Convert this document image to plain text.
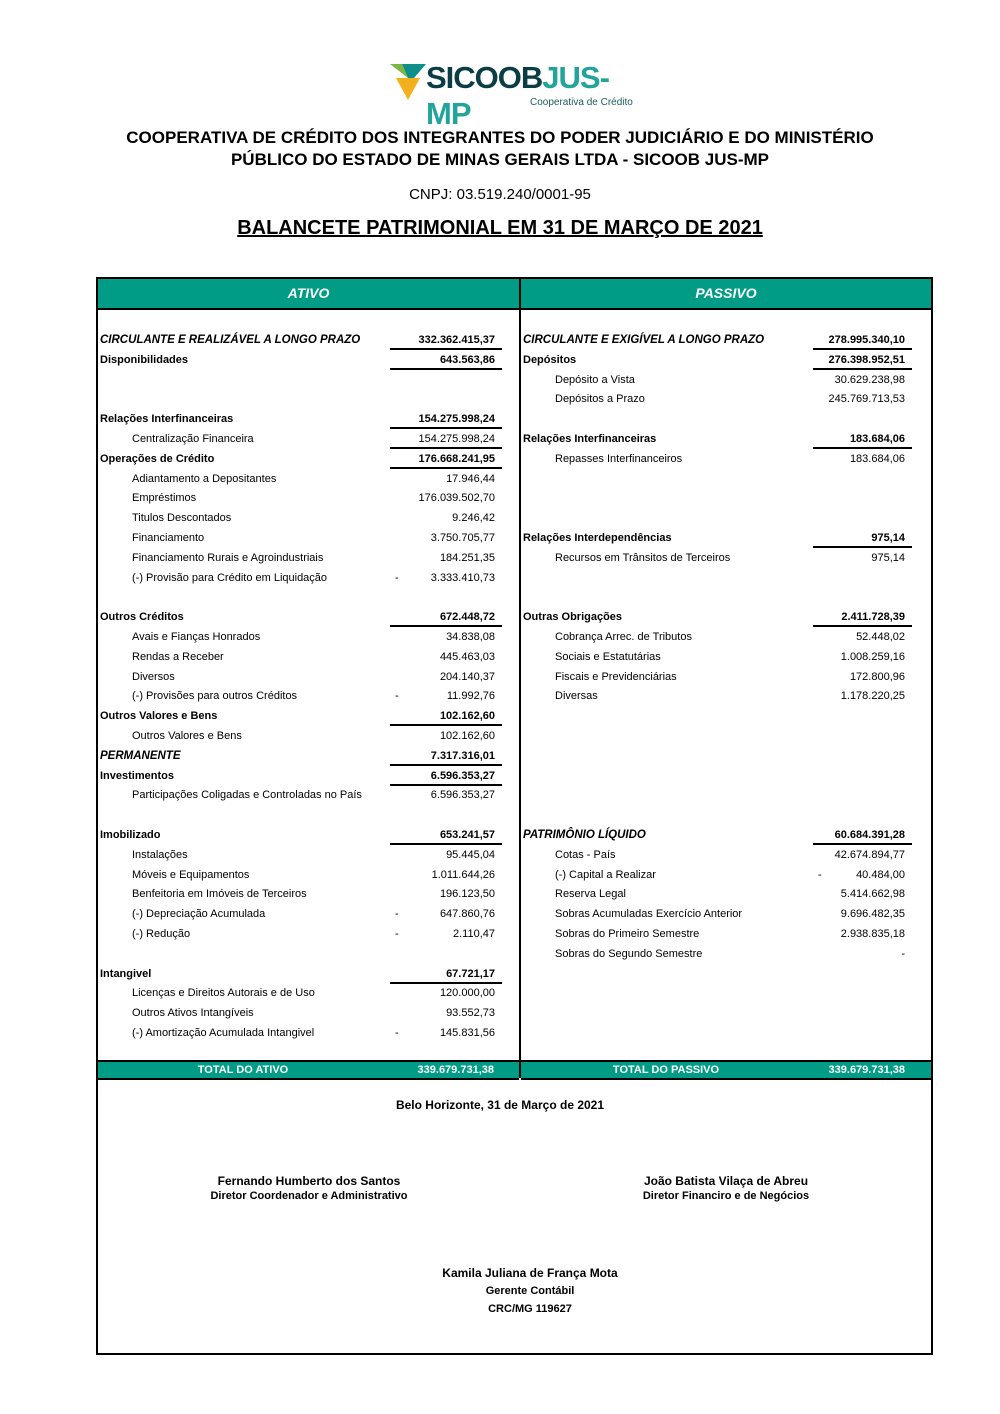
SICOOBJUS-MP	Cooperativa de Crédito
COOPERATIVA DE CRÉDITO DOS INTEGRANTES DO PODER JUDICIÁRIO E DO MINISTÉRIO
PÚBLICO DO ESTADO DE MINAS GERAIS LTDA - SICOOB JUS-MP
CNPJ: 03.519.240/0001-95
BALANCETE PATRIMONIAL EM 31 DE MARÇO DE 2021
ATIVO	PASSIVO
CIRCULANTE E REALIZÁVEL A LONGO PRAZO	332.362.415,37
Disponibilidades	643.563,86
Relações Interfinanceiras	154.275.998,24
Centralização Financeira	154.275.998,24
Operações de Crédito	176.668.241,95
Adiantamento a Depositantes	17.946,44
Empréstimos	176.039.502,70
Titulos Descontados	9.246,42
Financiamento	3.750.705,77
Financiamento Rurais e Agroindustriais	184.251,35
(-) Provisão para Crédito em Liquidação	-	3.333.410,73
Outros Créditos	672.448,72
Avais e Fianças Honrados	34.838,08
Rendas a Receber	445.463,03
Diversos	204.140,37
(-) Provisões para outros Créditos	-	11.992,76
Outros Valores e Bens	102.162,60
Outros Valores e Bens	102.162,60
PERMANENTE	7.317.316,01
Investimentos	6.596.353,27
Participações Coligadas e Controladas no País	6.596.353,27
Imobilizado	653.241,57
Instalações	95.445,04
Móveis e Equipamentos	1.011.644,26
Benfeitoria em Imóveis de Terceiros	196.123,50
(-) Depreciação Acumulada	-	647.860,76
(-) Redução	-	2.110,47
Intangivel	67.721,17
Licenças e Direitos Autorais e de Uso	120.000,00
Outros Ativos Intangíveis	93.552,73
(-) Amortização Acumulada Intangivel	-	145.831,56
CIRCULANTE E EXIGÍVEL A LONGO PRAZO	278.995.340,10
Depósitos	276.398.952,51
Depósito a Vista	30.629.238,98
Depósitos a Prazo	245.769.713,53
Relações Interfinanceiras	183.684,06
Repasses Interfinanceiros	183.684,06
Relações Interdependências	975,14
Recursos em Trânsitos de Terceiros	975,14
Outras Obrigações	2.411.728,39
Cobrança Arrec. de Tributos	52.448,02
Sociais e Estatutárias	1.008.259,16
Fiscais e Previdenciárias	172.800,96
Diversas	1.178.220,25
PATRIMÔNIO LÍQUIDO	60.684.391,28
Cotas - País	42.674.894,77
(-) Capital a Realizar	-	40.484,00
Reserva Legal	5.414.662,98
Sobras Acumuladas Exercício Anterior	9.696.482,35
Sobras do Primeiro Semestre	2.938.835,18
Sobras do Segundo Semestre	-
TOTAL DO ATIVO	339.679.731,38	TOTAL DO PASSIVO	339.679.731,38
Belo Horizonte, 31 de Março de 2021
Fernando Humberto dos Santos
Diretor Coordenador e Administrativo
João Batista Vilaça de Abreu
Diretor Financiro e de Negócios
Kamila Juliana de França Mota
Gerente Contábil
CRC/MG 119627
